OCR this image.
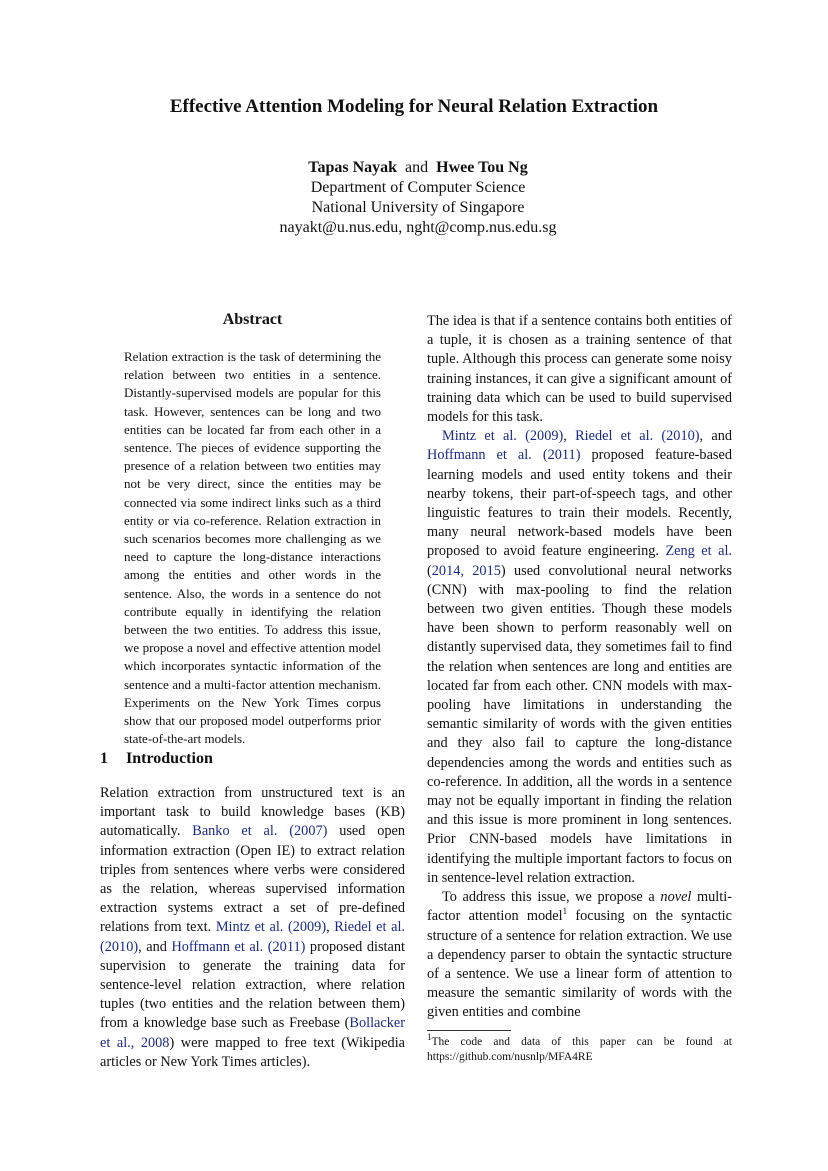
Effective Attention Modeling for Neural Relation Extraction
Tapas Nayak and Hwee Tou Ng
Department of Computer Science
National University of Singapore
nayakt@u.nus.edu, nght@comp.nus.edu.sg
Abstract
Relation extraction is the task of determining the relation between two entities in a sentence. Distantly-supervised models are popular for this task. However, sentences can be long and two entities can be located far from each other in a sentence. The pieces of evidence supporting the presence of a relation between two entities may not be very direct, since the entities may be connected via some indirect links such as a third entity or via co-reference. Relation extraction in such scenarios becomes more challenging as we need to capture the long-distance interactions among the entities and other words in the sentence. Also, the words in a sentence do not contribute equally in identifying the relation between the two entities. To address this issue, we propose a novel and effective attention model which incorporates syntactic information of the sentence and a multi-factor attention mechanism. Experiments on the New York Times corpus show that our proposed model outperforms prior state-of-the-art models.
1 Introduction
Relation extraction from unstructured text is an important task to build knowledge bases (KB) automatically. Banko et al. (2007) used open information extraction (Open IE) to extract relation triples from sentences where verbs were considered as the relation, whereas supervised information extraction systems extract a set of pre-defined relations from text. Mintz et al. (2009), Riedel et al. (2010), and Hoffmann et al. (2011) proposed distant supervision to generate the training data for sentence-level relation extraction, where relation tuples (two entities and the relation between them) from a knowledge base such as Freebase (Bollacker et al., 2008) were mapped to free text (Wikipedia articles or New York Times articles).

The idea is that if a sentence contains both entities of a tuple, it is chosen as a training sentence of that tuple. Although this process can generate some noisy training instances, it can give a significant amount of training data which can be used to build supervised models for this task.

Mintz et al. (2009), Riedel et al. (2010), and Hoffmann et al. (2011) proposed feature-based learning models and used entity tokens and their nearby tokens, their part-of-speech tags, and other linguistic features to train their models. Recently, many neural network-based models have been proposed to avoid feature engineering. Zeng et al. (2014, 2015) used convolutional neural networks (CNN) with max-pooling to find the relation between two given entities. Though these models have been shown to perform reasonably well on distantly supervised data, they sometimes fail to find the relation when sentences are long and entities are located far from each other. CNN models with max-pooling have limitations in understanding the semantic similarity of words with the given entities and they also fail to capture the long-distance dependencies among the words and entities such as co-reference. In addition, all the words in a sentence may not be equally important in finding the relation and this issue is more prominent in long sentences. Prior CNN-based models have limitations in identifying the multiple important factors to focus on in sentence-level relation extraction.

To address this issue, we propose a novel multi-factor attention model$^1$ focusing on the syntactic structure of a sentence for relation extraction. We use a dependency parser to obtain the syntactic structure of a sentence. We use a linear form of attention to measure the semantic similarity of words with the given entities and combine

$^1$The code and data of this paper can be found at https://github.com/nusnlp/MFA4RE
